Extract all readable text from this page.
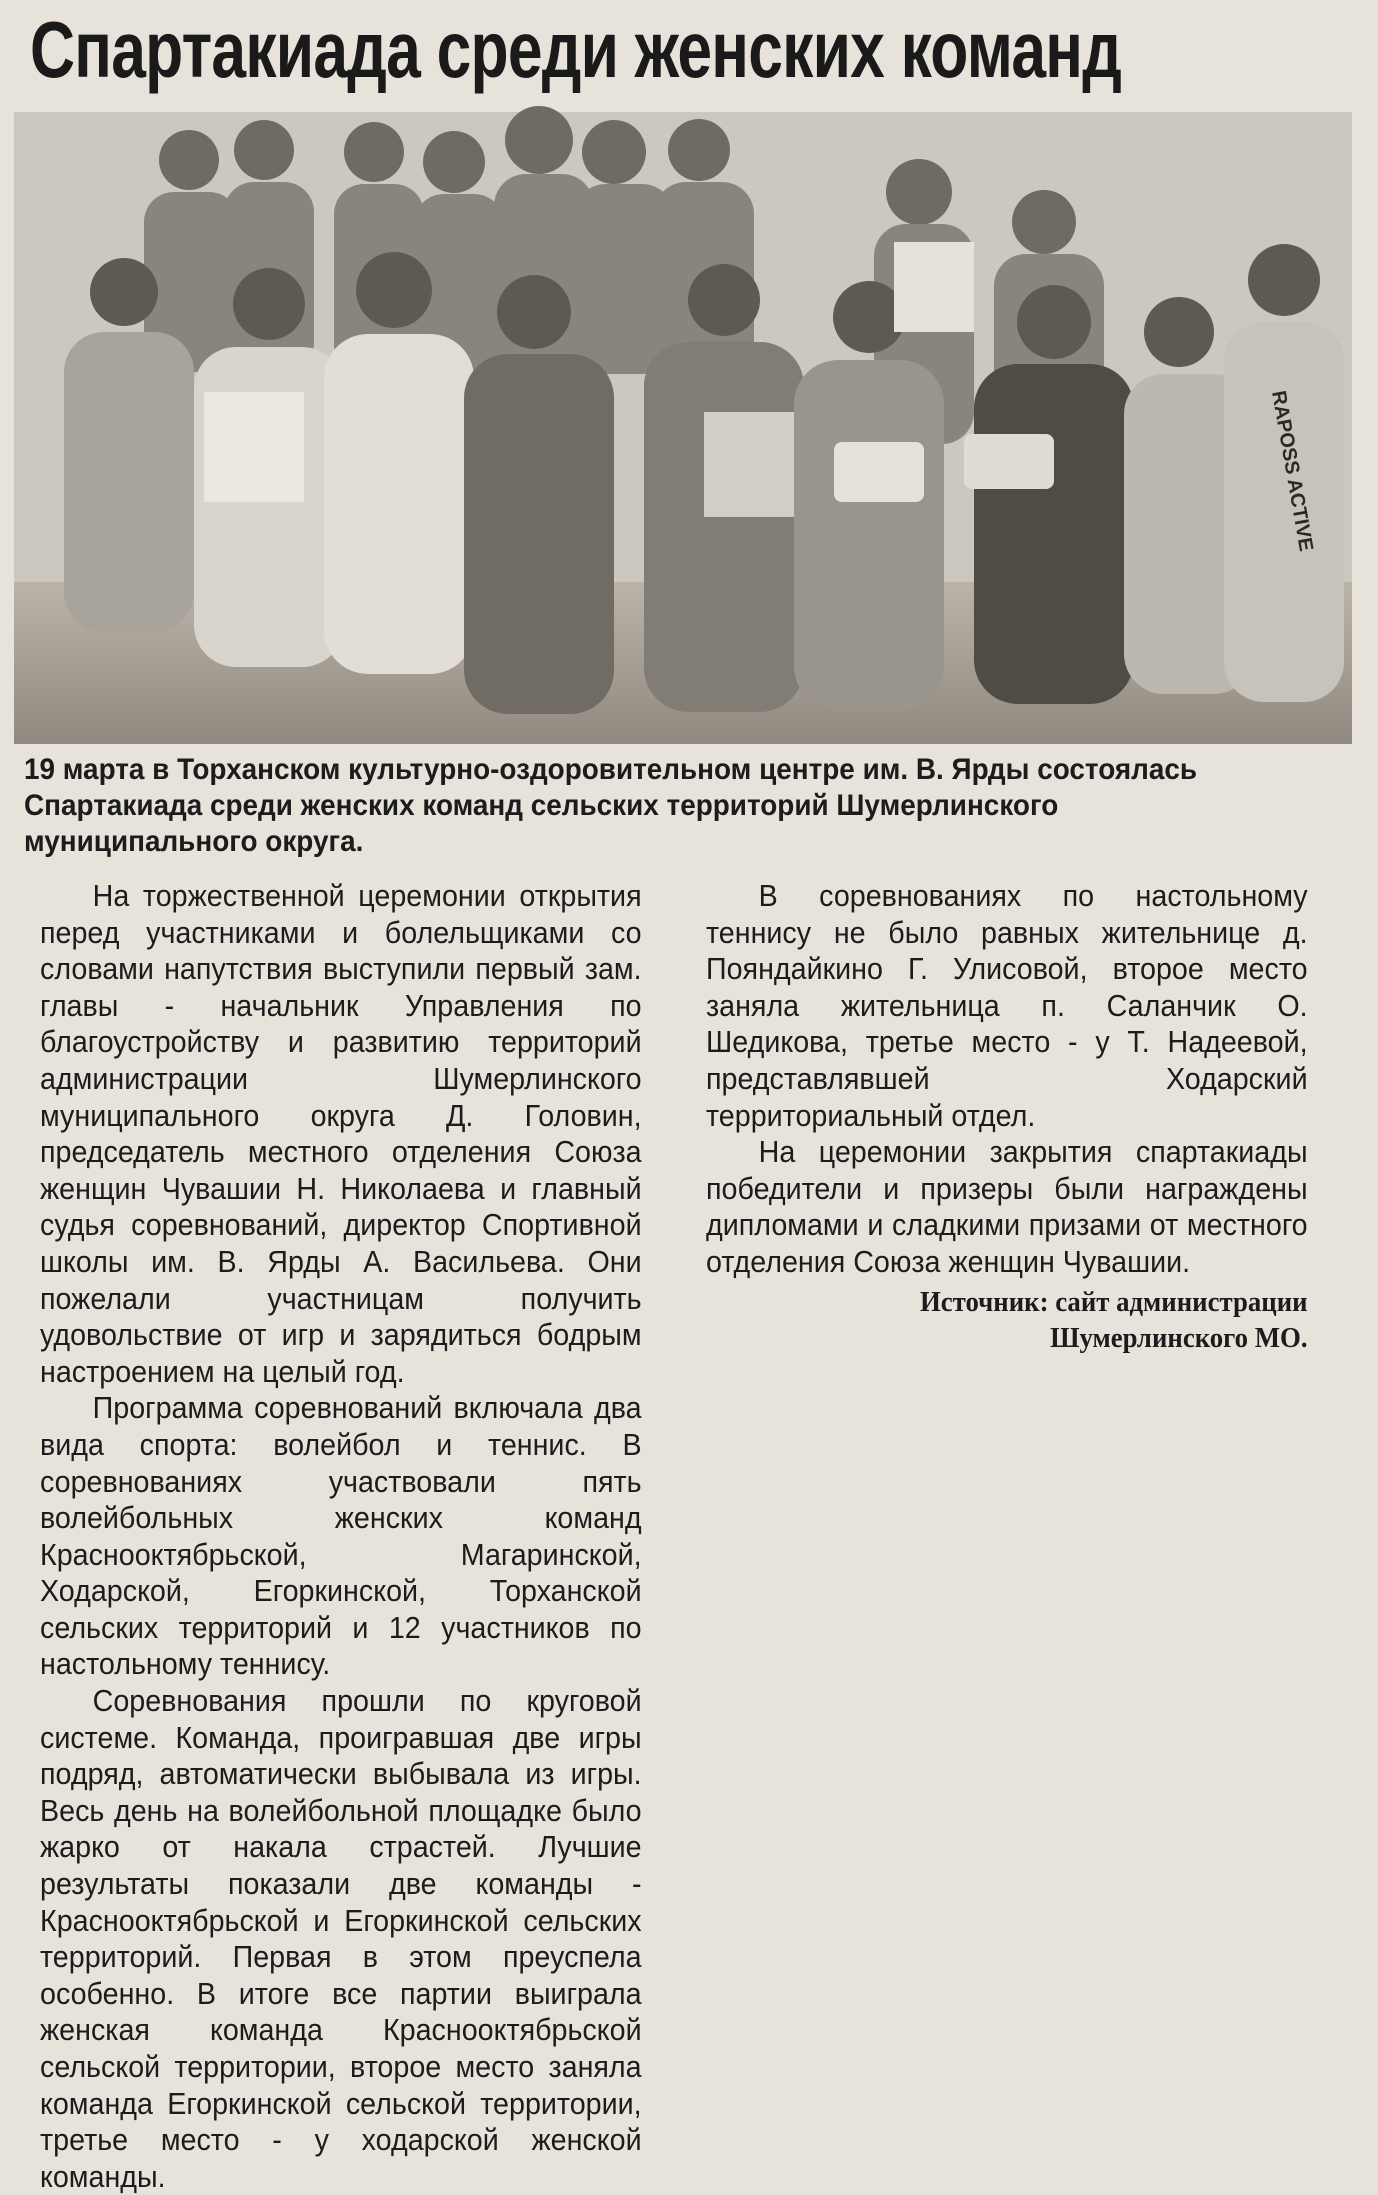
Спартакиада среди женских команд
RAPOSS ACTIVE

19 марта в Торханском культурно-оздоровительном центре им. В. Ярды состоялась Спартакиада среди женских команд сельских территорий Шумерлинского муниципального округа.

На торжественной церемонии открытия перед участниками и болельщиками со словами напутствия выступили первый зам. главы - начальник Управления по благоустройству и развитию территорий администрации Шумерлинского муниципального округа Д. Головин, председатель местного отделения Союза женщин Чувашии Н. Николаева и главный судья соревнований, директор Спортивной школы им. В. Ярды А. Васильева. Они пожелали участницам получить удовольствие от игр и зарядиться бодрым настроением на целый год.

Программа соревнований включала два вида спорта: волейбол и теннис. В соревнованиях участвовали пять волейбольных женских команд Красноoктябрьской, Магаринской, Ходарской, Егоркинской, Торханской сельских территорий и 12 участников по настольному теннису.

Соревнования прошли по круговой системе. Команда, проигравшая две игры подряд, автоматически выбывала из игры. Весь день на волейбольной площадке было жарко от накала страстей. Лучшие результаты показали две команды - Красноoктябрьской и Егоркинской сельских территорий. Первая в этом преуспела особенно. В итоге все партии выиграла женская команда Красноoктябрьской сельской территории, второе место заняла команда Егоркинской сельской территории, третье место - у ходарской женской команды.

В соревнованиях по настольному теннису не было равных жительнице д. Пояндайкино Г. Улисовой, второе место заняла жительница п. Саланчик О. Шедикова, третье место - у Т. Надеевой, представлявшей Ходарский территориальный отдел.

На церемонии закрытия спартакиады победители и призеры были награждены дипломами и сладкими призами от местного отделения Союза женщин Чувашии.

Источник: сайт администрации
Шумерлинского МО.
